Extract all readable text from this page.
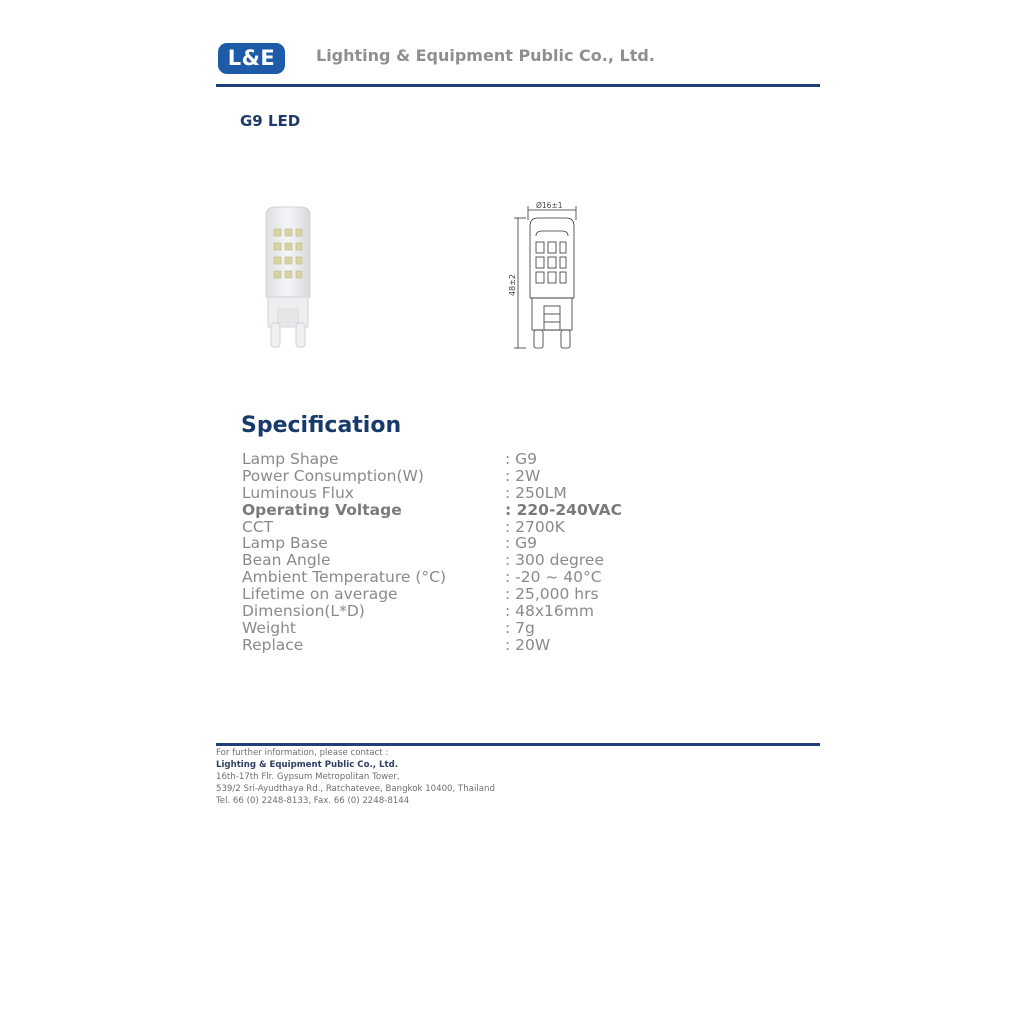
L&E	Lighting & Equipment Public Co., Ltd.
G9 LED
Ø16±1
48±2
Specification
Lamp Shape	: G9
Power Consumption(W)	: 2W
Luminous Flux	: 250LM
Operating Voltage	: 220-240VAC
CCT	: 2700K
Lamp Base	: G9
Bean Angle	: 300 degree
Ambient Temperature (°C)	: -20 ~ 40°C
Lifetime on average	: 25,000 hrs
Dimension(L*D)	: 48x16mm
Weight	: 7g
Replace	: 20W
For further information, please contact :
Lighting & Equipment Public Co., Ltd.
16th-17th Flr. Gypsum Metropolitan Tower,
539/2 Sri-Ayudthaya Rd., Ratchatevee, Bangkok 10400, Thailand
Tel. 66 (0) 2248-8133, Fax. 66 (0) 2248-8144
